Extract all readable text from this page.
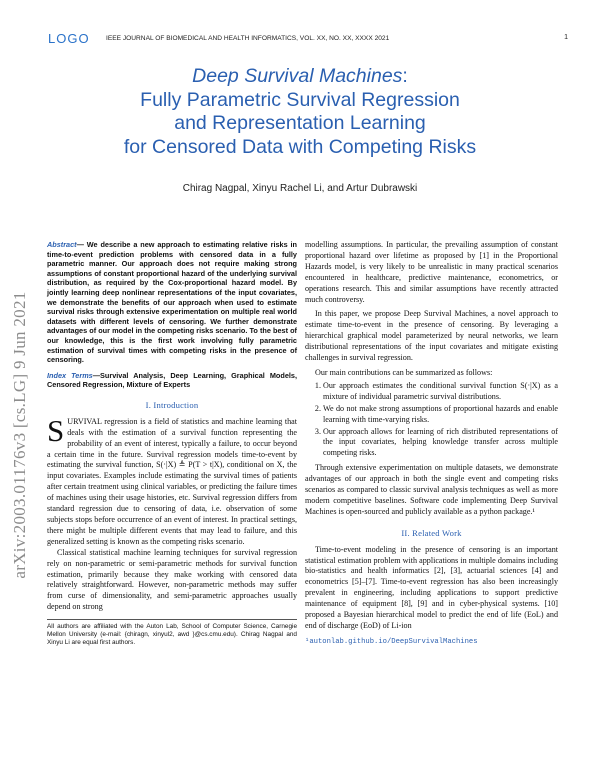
LOGO IEEE JOURNAL OF BIOMEDICAL AND HEALTH INFORMATICS, VOL. XX, NO. XX, XXXX 2021	1
Deep Survival Machines:
Fully Parametric Survival Regression
and Representation Learning
for Censored Data with Competing Risks
Chirag Nagpal, Xinyu Rachel Li, and Artur Dubrawski
arXiv:2003.01176v3 [cs.LG] 9 Jun 2021
Abstract— We describe a new approach to estimating relative risks in time-to-event prediction problems with censored data in a fully parametric manner. Our approach does not require making strong assumptions of constant proportional hazard of the underlying survival distribution, as required by the Cox-proportional hazard model. By jointly learning deep nonlinear representations of the input covariates, we demonstrate the benefits of our approach when used to estimate survival risks through extensive experimentation on multiple real world datasets with different levels of censoring. We further demonstrate advantages of our model in the competing risks scenario. To the best of our knowledge, this is the first work involving fully parametric estimation of survival times with competing risks in the presence of censoring.
Index Terms—Survival Analysis, Deep Learning, Graphical Models, Censored Regression, Mixture of Experts
I. Introduction

SURVIVAL regression is a field of statistics and machine learning that deals with the estimation of a survival function representing the probability of an event of interest, typically a failure, to occur beyond a certain time in the future. Survival regression models time-to-event by estimating the survival function, S(·|X) ≜ P(T > t|X), conditional on X, the input covariates. Examples include estimating the survival times of patients after certain treatment using clinical variables, or predicting the failure times of machines using their usage histories, etc. Survival regression differs from standard regression due to censoring of data, i.e. observation of some subjects stops before occurrence of an event of interest. In practical settings, there might be multiple different events that may lead to failure, and this generalized setting is known as the competing risks scenario.

Classical statistical machine learning techniques for survival regression rely on non-parametric or semi-parametric methods for survival function estimation, primarily because they make working with censored data relatively straightforward. However, non-parametric methods may suffer from curse of dimensionality, and semi-parametric approaches usually depend on strong

All authors are affiliated with the Auton Lab, School of Computer Science, Carnegie Mellon University (e-mail: {chiragn, xinyul2, awd }@cs.cmu.edu). Chirag Nagpal and Xinyu Li are equal first authors.

modelling assumptions. In particular, the prevailing assumption of constant proportional hazard over lifetime as proposed by [1] in the Proportional Hazards model, is very likely to be unrealistic in many practical scenarios encountered in healthcare, predictive maintenance, econometrics, or operations research. This and similar assumptions have recently attracted much controversy.

In this paper, we propose Deep Survival Machines, a novel approach to estimate time-to-event in the presence of censoring. By leveraging a hierarchical graphical model parameterized by neural networks, we learn distributional representations of the input covariates and mitigate existing challenges in survival regression.

Our main contributions can be summarized as follows:

1. Our approach estimates the conditional survival function S(·|X) as a mixture of individual parametric survival distributions.
2. We do not make strong assumptions of proportional hazards and enable learning with time-varying risks.
3. Our approach allows for learning of rich distributed representations of the input covariates, helping knowledge transfer across multiple competing risks.

Through extensive experimentation on multiple datasets, we demonstrate advantages of our approach in both the single event and competing risks scenarios as compared to classic survival analysis techniques as well as more modern competitive baselines. Software code implementing Deep Survival Machines is open-sourced and publicly available as a python package.¹

II. Related Work

Time-to-event modeling in the presence of censoring is an important statistical estimation problem with applications in multiple domains including bio-statistics and health informatics [2], [3], actuarial sciences [4] and econometrics [5]–[7]. Time-to-event regression has also been increasingly prevalent in engineering, including applications to support predictive maintenance of equipment [8], [9] and in cyber-physical systems. [10] proposed a Bayesian hierarchical model to predict the end of life (EoL) and end of discharge (EoD) of Li-ion

¹autonlab.github.io/DeepSurvivalMachines
